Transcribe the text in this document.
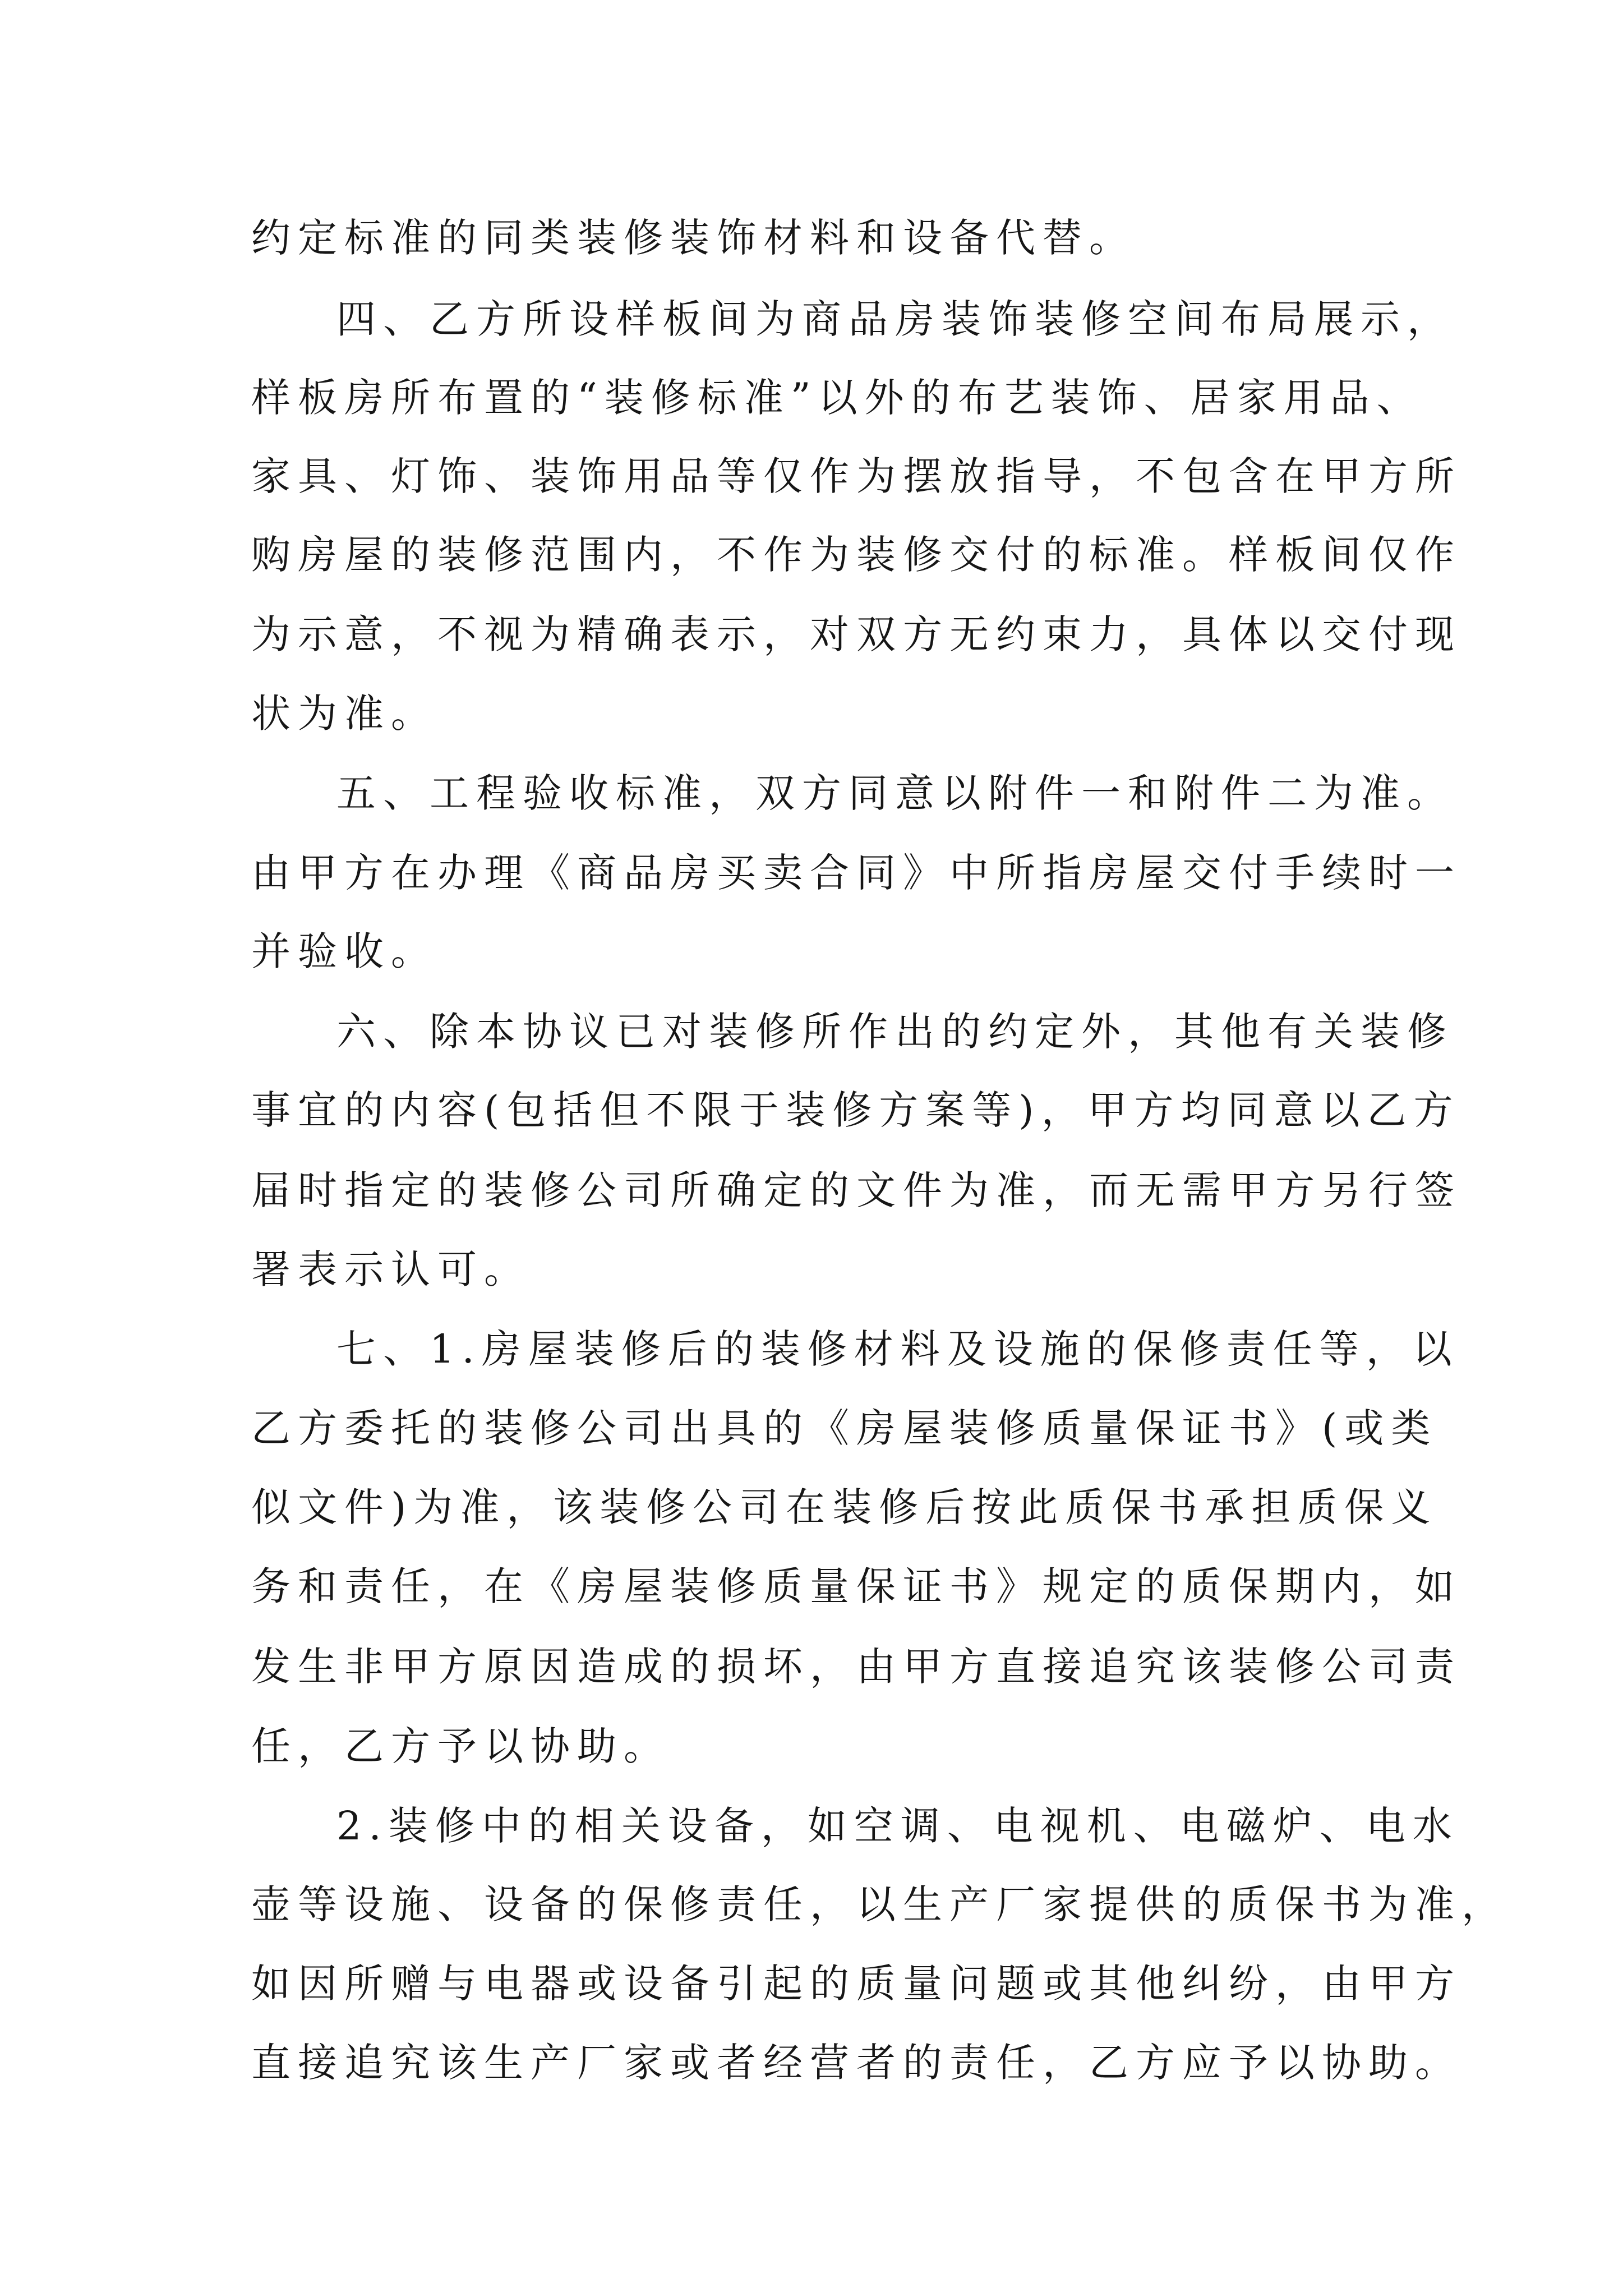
约定标准的同类装修装饰材料和设备代替。
四、乙方所设样板间为商品房装饰装修空间布局展示，
样板房所布置的“装修标准”以外的布艺装饰、居家用品、
家具、灯饰、装饰用品等仅作为摆放指导，不包含在甲方所
购房屋的装修范围内，不作为装修交付的标准。样板间仅作
为示意，不视为精确表示，对双方无约束力，具体以交付现
状为准。
五、工程验收标准，双方同意以附件一和附件二为准。
由甲方在办理《商品房买卖合同》中所指房屋交付手续时一
并验收。
六、除本协议已对装修所作出的约定外，其他有关装修
事宜的内容(包括但不限于装修方案等)，甲方均同意以乙方
届时指定的装修公司所确定的文件为准，而无需甲方另行签
署表示认可。
七、1.房屋装修后的装修材料及设施的保修责任等，以
乙方委托的装修公司出具的《房屋装修质量保证书》(或类
似文件)为准，该装修公司在装修后按此质保书承担质保义
务和责任，在《房屋装修质量保证书》规定的质保期内，如
发生非甲方原因造成的损坏，由甲方直接追究该装修公司责
任，乙方予以协助。
2.装修中的相关设备，如空调、电视机、电磁炉、电水
壶等设施、设备的保修责任，以生产厂家提供的质保书为准，
如因所赠与电器或设备引起的质量问题或其他纠纷，由甲方
直接追究该生产厂家或者经营者的责任，乙方应予以协助。
